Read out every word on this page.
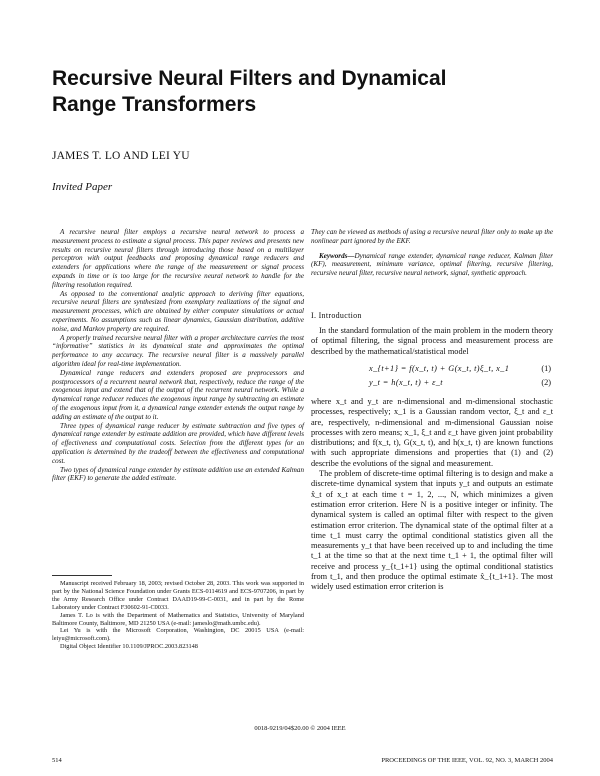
Recursive Neural Filters and Dynamical Range Transformers
JAMES T. LO AND LEI YU
Invited Paper

A recursive neural filter employs a recursive neural network to process a measurement process to estimate a signal process. This paper reviews and presents new results on recursive neural filters through introducing those based on a multilayer perceptron with output feedbacks and proposing dynamical range reducers and extenders for applications where the range of the measurement or signal process expands in time or is too large for the recursive neural network to handle for the filtering resolution required.

As opposed to the conventional analytic approach to deriving filter equations, recursive neural filters are synthesized from exemplary realizations of the signal and measurement processes, which are obtained by either computer simulations or actual experiments. No assumptions such as linear dynamics, Gaussian distribution, additive noise, and Markov property are required.

A properly trained recursive neural filter with a proper architecture carries the most “informative” statistics in its dynamical state and approximates the optimal performance to any accuracy. The recursive neural filter is a massively parallel algorithm ideal for real-time implementation.

Dynamical range reducers and extenders proposed are preprocessors and postprocessors of a recurrent neural network that, respectively, reduce the range of the exogenous input and extend that of the output of the recurrent neural network. While a dynamical range reducer reduces the exogenous input range by subtracting an estimate of the exogenous input from it, a dynamical range extender extends the output range by adding an estimate of the output to it.

Three types of dynamical range reducer by estimate subtraction and five types of dynamical range extender by estimate addition are provided, which have different levels of effectiveness and computational costs. Selection from the different types for an application is determined by the tradeoff between the effectiveness and computational cost.

Two types of dynamical range extender by estimate addition use an extended Kalman filter (EKF) to generate the added estimate.

Manuscript received February 18, 2003; revised October 28, 2003. This work was supported in part by the National Science Foundation under Grants ECS-0114619 and ECS-9707206, in part by the Army Research Office under Contract DAAD19-99-C-0031, and in part by the Rome Laboratory under Contract F30602-91-C0033.

James T. Lo is with the Department of Mathematics and Statistics, University of Maryland Baltimore County, Baltimore, MD 21250 USA (e-mail: jameslo@math.umbc.edu).

Lei Yu is with the Microsoft Corporation, Washington, DC 20015 USA (e-mail: leiyu@microsoft.com).

Digital Object Identifier 10.1109/JPROC.2003.823148

They can be viewed as methods of using a recursive neural filter only to make up the nonlinear part ignored by the EKF.

Keywords—Dynamical range extender, dynamical range reducer, Kalman filter (KF), measurement, minimum variance, optimal filtering, recursive filtering, recursive neural filter, recursive neural network, signal, synthetic approach.

I. Introduction

In the standard formulation of the main problem in the modern theory of optimal filtering, the signal process and measurement process are described by the mathematical/statistical model

x_{t+1} = f(x_t, t) + G(x_t, t)ξ_t, x_1	(1)
y_t = h(x_t, t) + ε_t	(2)

where x_t and y_t are n-dimensional and m-dimensional stochastic processes, respectively; x_1 is a Gaussian random vector, ξ_t and ε_t are, respectively, n-dimensional and m-dimensional Gaussian noise processes with zero means; x_1, ξ_t and ε_t have given joint probability distributions; and f(x_t, t), G(x_t, t), and h(x_t, t) are known functions with such appropriate dimensions and properties that (1) and (2) describe the evolutions of the signal and measurement.

The problem of discrete-time optimal filtering is to design and make a discrete-time dynamical system that inputs y_t and outputs an estimate x̂_t of x_t at each time t = 1, 2, ..., N, which minimizes a given estimation error criterion. Here N is a positive integer or infinity. The dynamical system is called an optimal filter with respect to the given estimation error criterion. The dynamical state of the optimal filter at a time t_1 must carry the optimal conditional statistics given all the measurements y_t that have been received up to and including the time t_1 at the time so that at the next time t_1 + 1, the optimal filter will receive and process y_{t_1+1} using the optimal conditional statistics from t_1, and then produce the optimal estimate x̂_{t_1+1}. The most widely used estimation error criterion is

0018-9219/04$20.00 © 2004 IEEE
514	PROCEEDINGS OF THE IEEE, VOL. 92, NO. 3, MARCH 2004
